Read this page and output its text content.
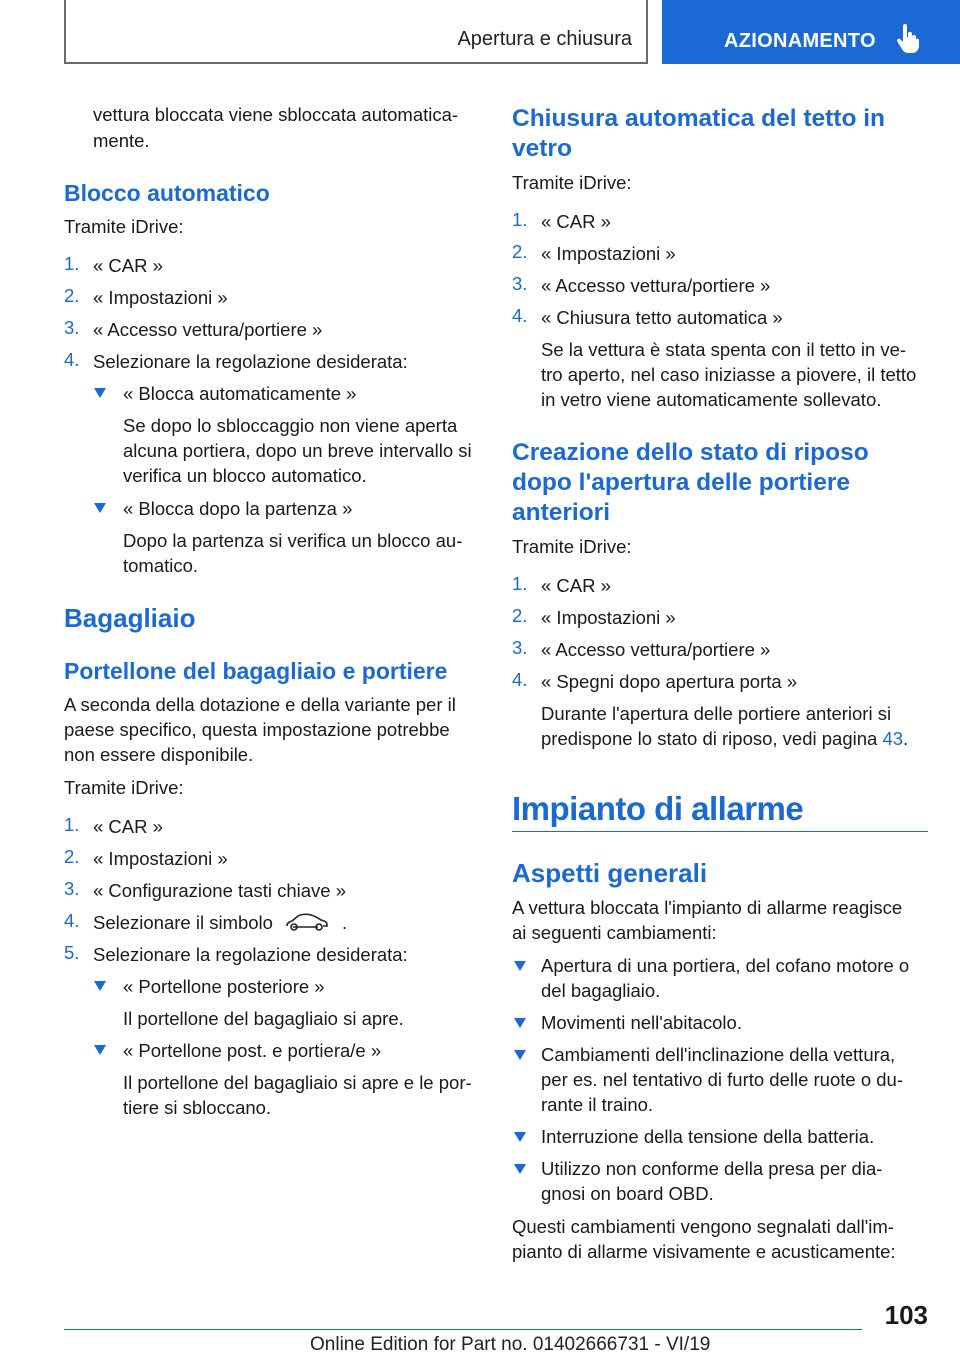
Apertura e chiusura	AZIONAMENTO

vettura bloccata viene sbloccata automatica-

mente.

Blocco automatico

Tramite iDrive:

1. « CAR »

2. « Impostazioni »

3. « Accesso vettura/portiere »

4. Selezionare la regolazione desiderata:

« Blocca automaticamente »

Se dopo lo sbloccaggio non viene aperta

alcuna portiera, dopo un breve intervallo si

verifica un blocco automatico.

« Blocca dopo la partenza »

Dopo la partenza si verifica un blocco au-

tomatico.

Bagagliaio
Portellone del bagagliaio e portiere

A seconda della dotazione e della variante per il

paese specifico, questa impostazione potrebbe

non essere disponibile.

Tramite iDrive:

1. « CAR »

2. « Impostazioni »

3. « Configurazione tasti chiave »

4. Selezionare il simbolo	.

5. Selezionare la regolazione desiderata:

« Portellone posteriore »

Il portellone del bagagliaio si apre.

« Portellone post. e portiera/e »

Il portellone del bagagliaio si apre e le por-

tiere si sbloccano.

Chiusura automatica del tetto in
vetro

Tramite iDrive:

1. « CAR »

2. « Impostazioni »

3. « Accesso vettura/portiere »

4. « Chiusura tetto automatica »

Se la vettura è stata spenta con il tetto in ve-

tro aperto, nel caso iniziasse a piovere, il tetto

in vetro viene automaticamente sollevato.

Creazione dello stato di riposo
dopo l'apertura delle portiere
anteriori

Tramite iDrive:

1. « CAR »

2. « Impostazioni »

3. « Accesso vettura/portiere »

4. « Spegni dopo apertura porta »

Durante l'apertura delle portiere anteriori si

predispone lo stato di riposo, vedi pagina 43.

Impianto di allarme
Aspetti generali

A vettura bloccata l'impianto di allarme reagisce

ai seguenti cambiamenti:

Apertura di una portiera, del cofano motore o

del bagagliaio.

Movimenti nell'abitacolo.

Cambiamenti dell'inclinazione della vettura,

per es. nel tentativo di furto delle ruote o du-

rante il traino.

Interruzione della tensione della batteria.

Utilizzo non conforme della presa per dia-

gnosi on board OBD.

Questi cambiamenti vengono segnalati dall'im-

pianto di allarme visivamente e acusticamente:

103
Online Edition for Part no. 01402666731 - VI/19
